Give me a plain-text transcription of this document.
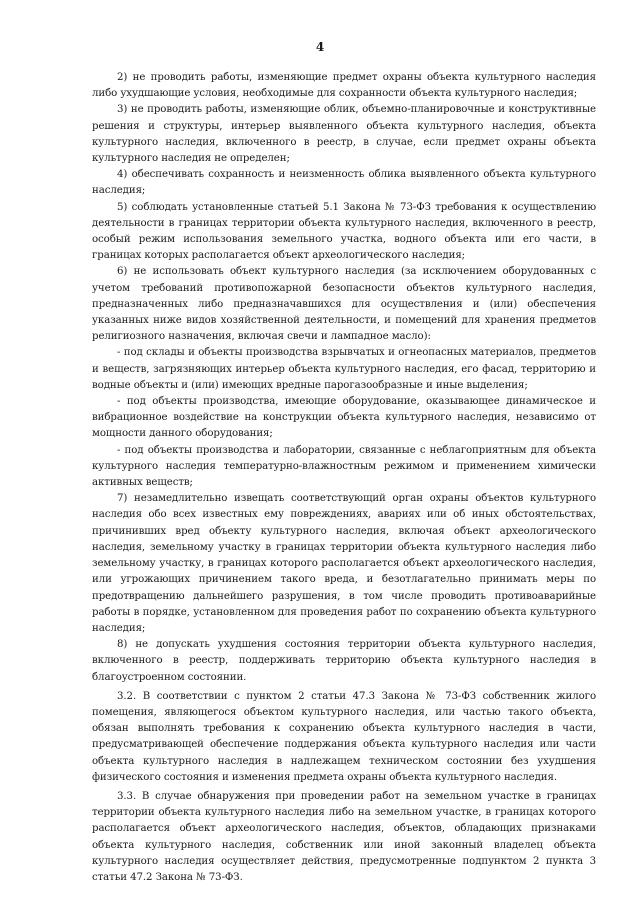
4

2) не проводить работы, изменяющие предмет охраны объекта культурного наследия либо ухудшающие условия, необходимые для сохранности объекта культурного наследия;

3) не проводить работы, изменяющие облик, объемно-планировочные и конструктивные решения и структуры, интерьер выявленного объекта культурного наследия, объекта культурного наследия, включенного в реестр, в случае, если предмет охраны объекта культурного наследия не определен;

4) обеспечивать сохранность и неизменность облика выявленного объекта культурного наследия;

5) соблюдать установленные статьей 5.1 Закона № 73-ФЗ требования к осуществлению деятельности в границах территории объекта культурного наследия, включенного в реестр, особый режим использования земельного участка, водного объекта или его части, в границах которых располагается объект археологического наследия;

6) не использовать объект культурного наследия (за исключением оборудованных с учетом требований противопожарной безопасности объектов культурного наследия, предназначенных либо предназначавшихся для осуществления и (или) обеспечения указанных ниже видов хозяйственной деятельности, и помещений для хранения предметов религиозного назначения, включая свечи и лампадное масло):

- под склады и объекты производства взрывчатых и огнеопасных материалов, предметов и веществ, загрязняющих интерьер объекта культурного наследия, его фасад, территорию и водные объекты и (или) имеющих вредные парогазообразные и иные выделения;

- под объекты производства, имеющие оборудование, оказывающее динамическое и вибрационное воздействие на конструкции объекта культурного наследия, независимо от мощности данного оборудования;

- под объекты производства и лаборатории, связанные с неблагоприятным для объекта культурного наследия температурно-влажностным режимом и применением химически активных веществ;

7) незамедлительно извещать соответствующий орган охраны объектов культурного наследия обо всех известных ему повреждениях, авариях или об иных обстоятельствах, причинивших вред объекту культурного наследия, включая объект археологического наследия, земельному участку в границах территории объекта культурного наследия либо земельному участку, в границах которого располагается объект археологического наследия, или угрожающих причинением такого вреда, и безотлагательно принимать меры по предотвращению дальнейшего разрушения, в том числе проводить противоаварийные работы в порядке, установленном для проведения работ по сохранению объекта культурного наследия;

8) не допускать ухудшения состояния территории объекта культурного наследия, включенного в реестр, поддерживать территорию объекта культурного наследия в благоустроенном состоянии.

3.2. В соответствии с пунктом 2 статьи 47.3 Закона № 73-ФЗ собственник жилого помещения, являющегося объектом культурного наследия, или частью такого объекта, обязан выполнять требования к сохранению объекта культурного наследия в части, предусматривающей обеспечение поддержания объекта культурного наследия или части объекта культурного наследия в надлежащем техническом состоянии без ухудшения физического состояния и изменения предмета охраны объекта культурного наследия.

3.3. В случае обнаружения при проведении работ на земельном участке в границах территории объекта культурного наследия либо на земельном участке, в границах которого располагается объект археологического наследия, объектов, обладающих признаками объекта культурного наследия, собственник или иной законный владелец объекта культурного наследия осуществляет действия, предусмотренные подпунктом 2 пункта 3 статьи 47.2 Закона № 73-ФЗ.
